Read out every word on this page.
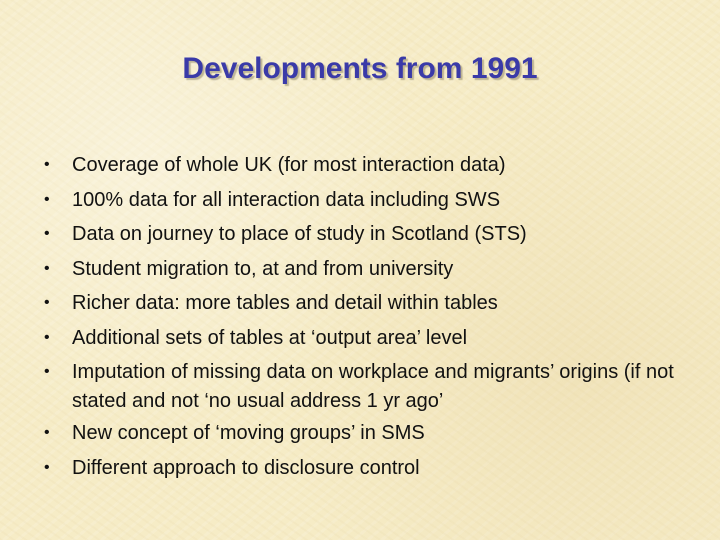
Developments from 1991
•	Coverage of whole UK (for most interaction data)
•	100% data for all interaction data including SWS
•	Data on journey to place of study in Scotland (STS)
•	Student migration to, at and from university
•	Richer data: more tables and detail within tables
•	Additional sets of tables at ‘output area’ level
•	Imputation of missing data on workplace and migrants’ origins (if not stated and not ‘no usual address 1 yr ago’
•	New concept of ‘moving groups’ in SMS
•	Different approach to disclosure control
